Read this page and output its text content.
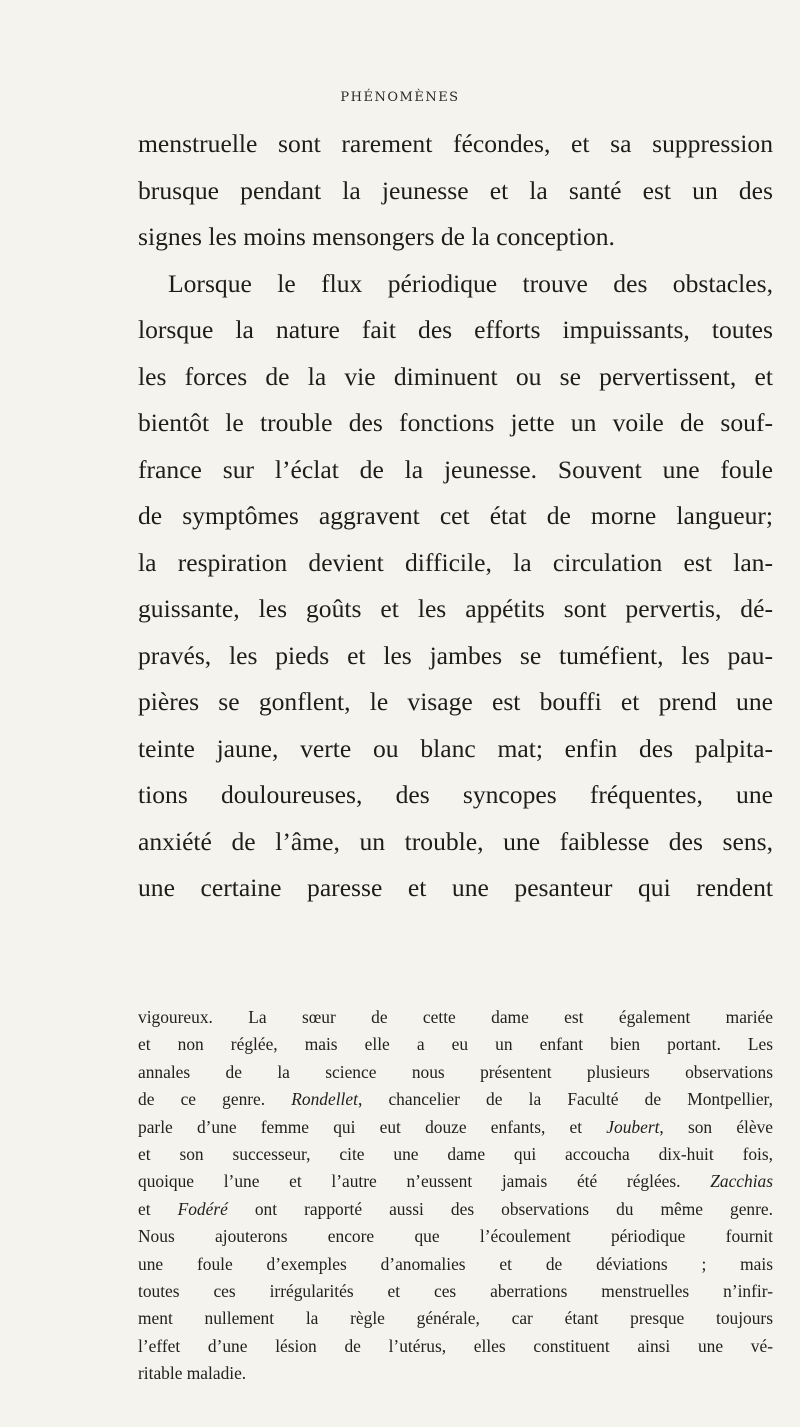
PHÉNOMÈNES
menstruelle sont rarement fécondes, et sa suppression
brusque pendant la jeunesse et la santé est un des
signes les moins mensongers de la conception.
Lorsque le flux périodique trouve des obstacles,
lorsque la nature fait des efforts impuissants, toutes
les forces de la vie diminuent ou se pervertissent, et
bientôt le trouble des fonctions jette un voile de souf-
france sur l’éclat de la jeunesse. Souvent une foule
de symptômes aggravent cet état de morne langueur;
la respiration devient difficile, la circulation est lan-
guissante, les goûts et les appétits sont pervertis, dé-
pravés, les pieds et les jambes se tuméfient, les pau-
pières se gonflent, le visage est bouffi et prend une
teinte jaune, verte ou blanc mat; enfin des palpita-
tions douloureuses, des syncopes fréquentes, une
anxiété de l’âme, un trouble, une faiblesse des sens,
une certaine paresse et une pesanteur qui rendent
vigoureux. La sœur de cette dame est également mariée
et non réglée, mais elle a eu un enfant bien portant. Les
annales de la science nous présentent plusieurs observations
de ce genre. Rondellet, chancelier de la Faculté de Montpellier,
parle d’une femme qui eut douze enfants, et Joubert, son élève
et son successeur, cite une dame qui accoucha dix-huit fois,
quoique l’une et l’autre n’eussent jamais été réglées. Zacchias
et Fodéré ont rapporté aussi des observations du même genre.
Nous ajouterons encore que l’écoulement périodique fournit
une foule d’exemples d’anomalies et de déviations ; mais
toutes ces irrégularités et ces aberrations menstruelles n’infir-
ment nullement la règle générale, car étant presque toujours
l’effet d’une lésion de l’utérus, elles constituent ainsi une vé-
ritable maladie.
